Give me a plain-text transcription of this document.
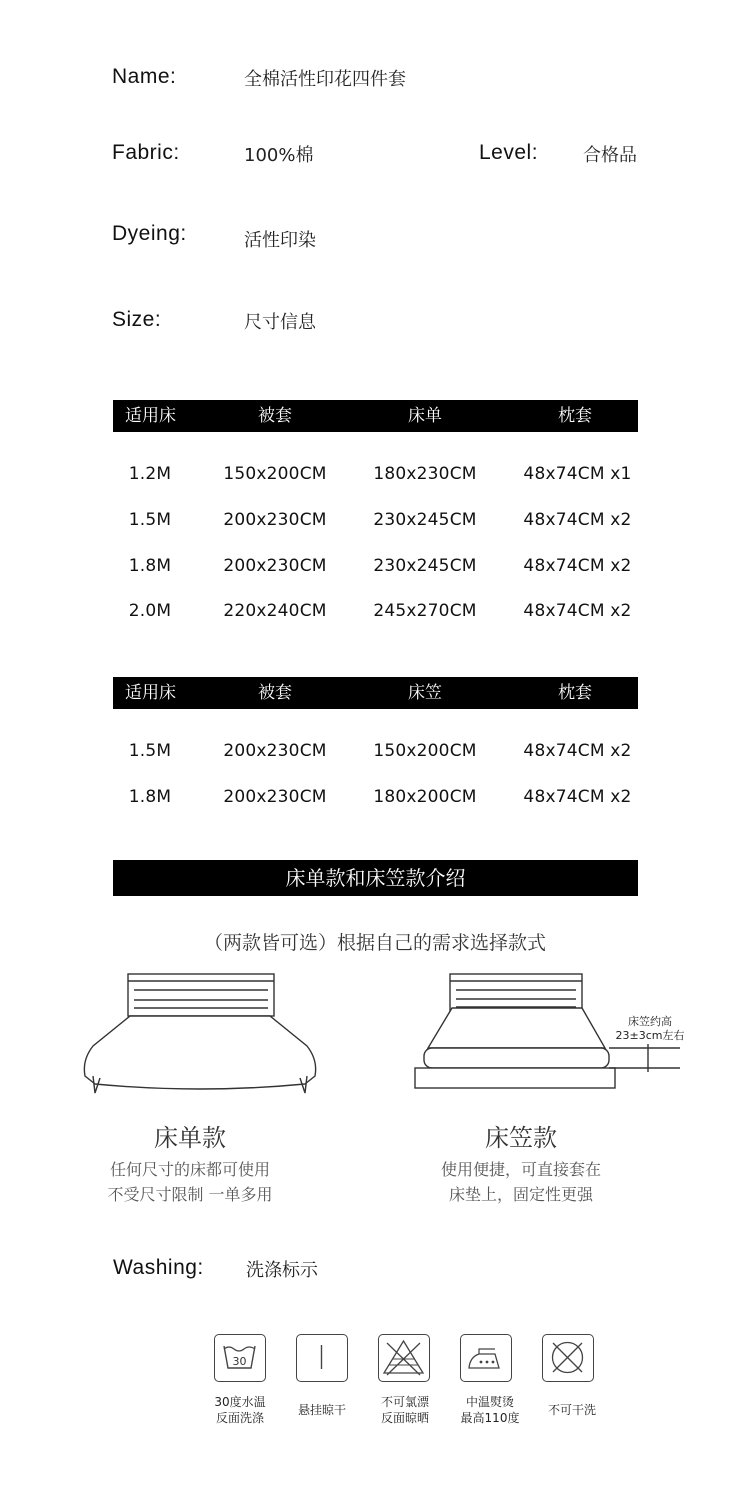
Name:	全棉活性印花四件套
Fabric:	100%棉	Level: 合格品
Dyeing:	活性印染
Size:	尺寸信息
适用床	被套	床单	枕套
1.2M	150x200CM	180x230CM	48x74CM x1
1.5M	200x230CM	230x245CM	48x74CM x2
1.8M	200x230CM	230x245CM	48x74CM x2
2.0M	220x240CM	245x270CM	48x74CM x2
适用床	被套	床笠	枕套
1.5M	200x230CM	150x200CM	48x74CM x2
1.8M	200x230CM	180x200CM	48x74CM x2
床单款和床笠款介绍
（两款皆可选）根据自己的需求选择款式
床笠约高
23±3cm左右
床单款
任何尺寸的床都可使用
不受尺寸限制 一单多用
床笠款
使用便捷，可直接套在
床垫上，固定性更强
Washing: 洗涤标示
30
30度水温
反面洗涤
悬挂晾干
不可氯漂
反面晾晒
中温熨烫
最高110度
不可干洗
